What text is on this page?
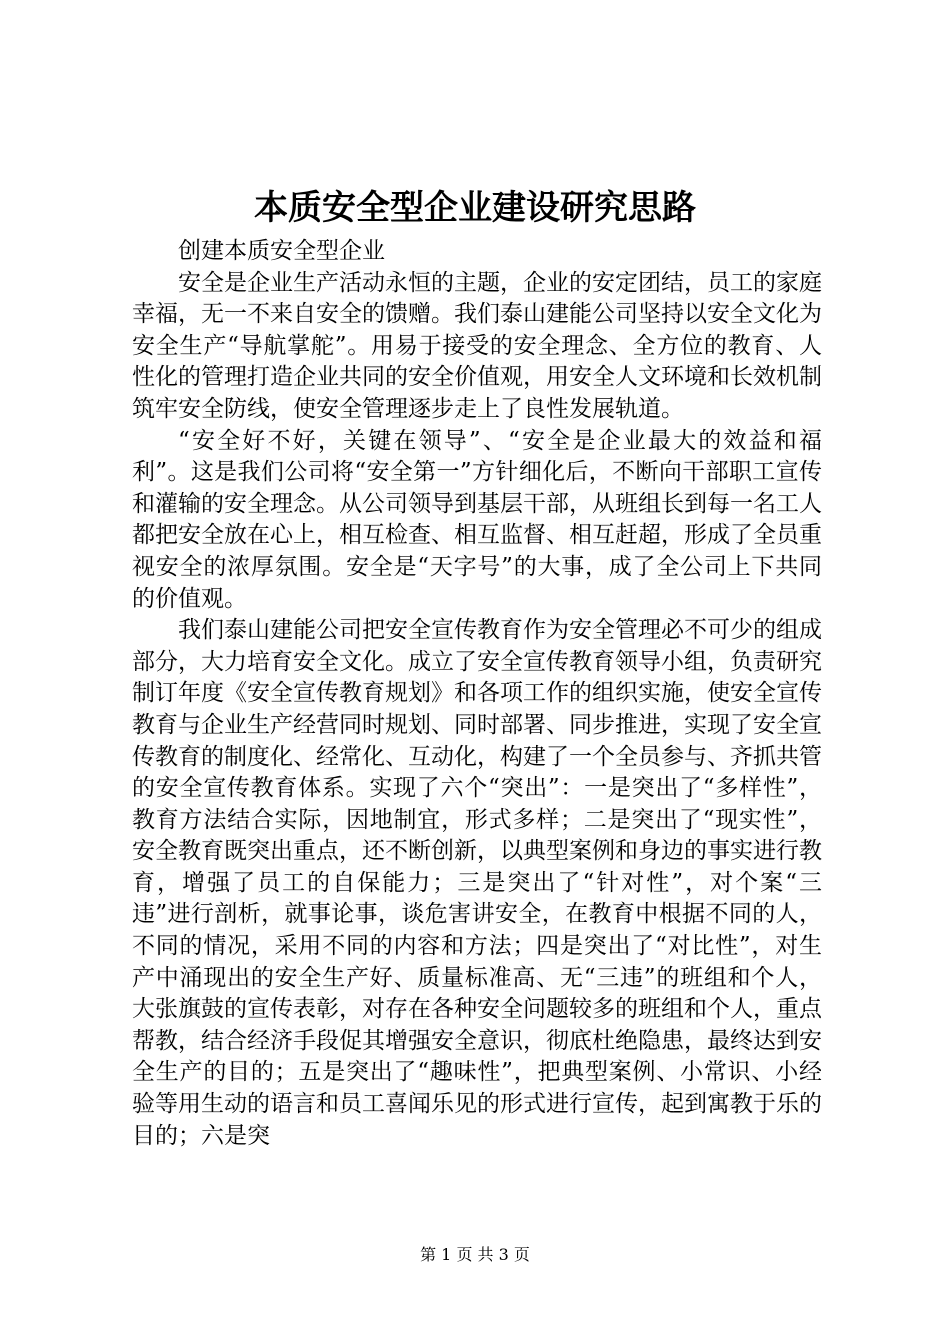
本质安全型企业建设研究思路

创建本质安全型企业

安全是企业生产活动永恒的主题，企业的安定团结，员工的家庭幸福，无一不来自安全的馈赠。我们泰山建能公司坚持以安全文化为安全生产“导航掌舵”。用易于接受的安全理念、全方位的教育、人性化的管理打造企业共同的安全价值观，用安全人文环境和长效机制筑牢安全防线，使安全管理逐步走上了良性发展轨道。

“安全好不好，关键在领导”、“安全是企业最大的效益和福利”。这是我们公司将“安全第一”方针细化后，不断向干部职工宣传和灌输的安全理念。从公司领导到基层干部，从班组长到每一名工人都把安全放在心上，相互检查、相互监督、相互赶超，形成了全员重视安全的浓厚氛围。安全是“天字号”的大事，成了全公司上下共同的价值观。

我们泰山建能公司把安全宣传教育作为安全管理必不可少的组成部分，大力培育安全文化。成立了安全宣传教育领导小组，负责研究制订年度《安全宣传教育规划》和各项工作的组织实施，使安全宣传教育与企业生产经营同时规划、同时部署、同步推进，实现了安全宣传教育的制度化、经常化、互动化，构建了一个全员参与、齐抓共管的安全宣传教育体系。实现了六个“突出”：一是突出了“多样性”，教育方法结合实际，因地制宜，形式多样；二是突出了“现实性”，安全教育既突出重点，还不断创新，以典型案例和身边的事实进行教育，增强了员工的自保能力；三是突出了“针对性”，对个案“三违”进行剖析，就事论事，谈危害讲安全，在教育中根据不同的人，不同的情况，采用不同的内容和方法；四是突出了“对比性”，对生产中涌现出的安全生产好、质量标准高、无“三违”的班组和个人，大张旗鼓的宣传表彰，对存在各种安全问题较多的班组和个人，重点帮教，结合经济手段促其增强安全意识，彻底杜绝隐患，最终达到安全生产的目的；五是突出了“趣味性”，把典型案例、小常识、小经验等用生动的语言和员工喜闻乐见的形式进行宣传，起到寓教于乐的目的；六是突

第 1 页 共 3 页
